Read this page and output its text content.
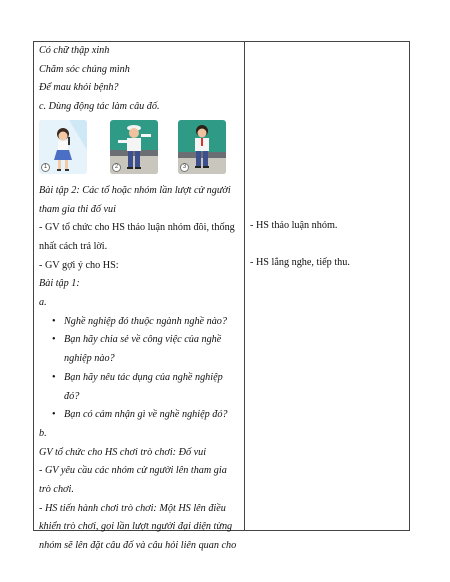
Có chữ thập xinh
Chăm sóc chúng mình
Để mau khỏi bệnh?
c. Dùng động tác làm câu đố.
1	2	3
Bài tập 2: Các tổ hoặc nhóm lần lượt cử người
tham gia thi đố vui
- GV tổ chức cho HS thảo luận nhóm đôi, thống
nhất cách trả lời.
- GV gợi ý cho HS:
Bài tập 1:
a.
• Nghề nghiệp đó thuộc ngành nghề nào?
• Bạn hãy chia sẻ về công việc của nghề
nghiệp nào?
• Bạn hãy nêu tác dụng của nghề nghiệp
đó?
• Bạn có cảm nhận gì về nghề nghiệp đó?
b.
GV tổ chức cho HS chơi trò chơi: Đố vui
- GV yêu cầu các nhóm cử người lên tham gia
trò chơi.
- HS tiến hành chơi trò chơi: Một HS lên điều
khiển trò chơi, gọi lần lượt người đại diện từng
nhóm sẽ lên đặt câu đố và câu hỏi liên quan cho
- HS thảo luận nhóm.
- HS lắng nghe, tiếp thu.
